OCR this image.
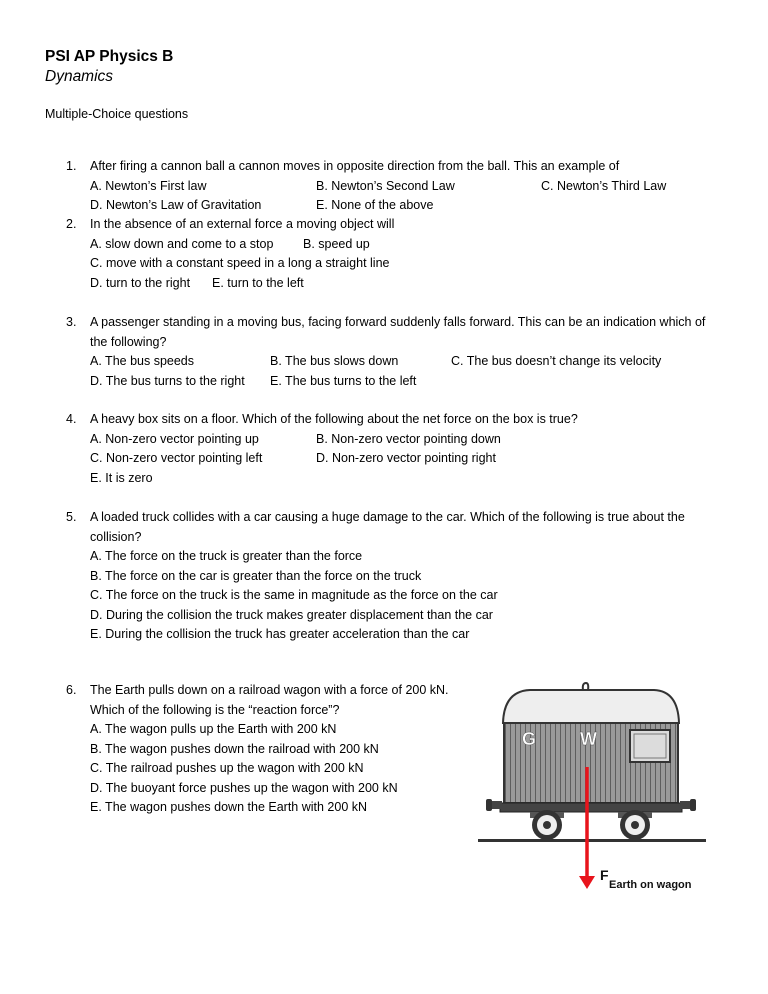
PSI AP Physics B
Dynamics
Multiple-Choice questions
1. After firing a cannon ball a cannon moves in opposite direction from the ball. This an example of
A. Newton’s First law	B. Newton’s Second Law	C. Newton’s Third Law
D. Newton’s Law of Gravitation	E. None of the above
2. In the absence of an external force a moving object will
A. slow down and come to a stop B. speed up
C. move with a constant speed in a long a straight line
D. turn to the right E. turn to the left
3. A passenger standing in a moving bus, facing forward suddenly falls forward. This can be an indication which of
the following?
A. The bus speeds	B. The bus slows down	C. The bus doesn’t change its velocity
D. The bus turns to the right E. The bus turns to the left
4. A heavy box sits on a floor. Which of the following about the net force on the box is true?
A. Non-zero vector pointing up	B. Non-zero vector pointing down
C. Non-zero vector pointing left	D. Non-zero vector pointing right
E. It is zero
5. A loaded truck collides with a car causing a huge damage to the car. Which of the following is true about the
collision?
A. The force on the truck is greater than the force
B. The force on the car is greater than the force on the truck
C. The force on the truck is the same in magnitude as the force on the car
D. During the collision the truck makes greater displacement than the car
E. During the collision the truck has greater acceleration than the car
6. The Earth pulls down on a railroad wagon with a force of 200 kN.
Which of the following is the “reaction force”?
A. The wagon pulls up the Earth with 200 kN
B. The wagon pushes down the railroad with 200 kN
C. The railroad pushes up the wagon with 200 kN
D. The buoyant force pushes up the wagon with 200 kN
E. The wagon pushes down the Earth with 200 kN
G W
F
Earth on wagon
